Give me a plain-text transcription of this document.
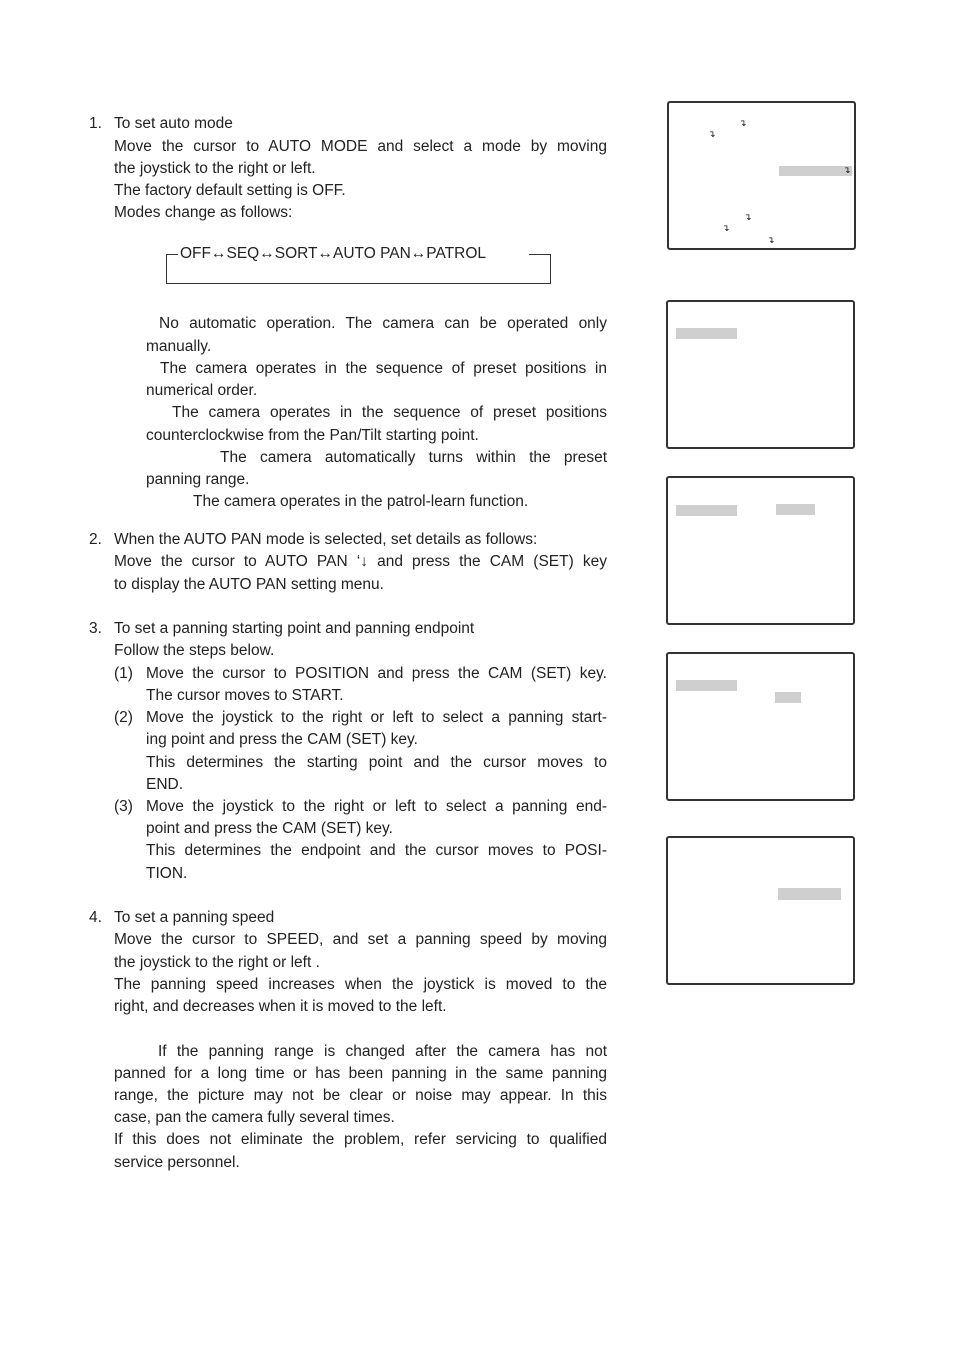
1. To set auto mode
Move the cursor to AUTO MODE and select a mode by moving
the joystick to the right or left.
The factory default setting is OFF.
Modes change as follows:
OFF↔SEQ↔SORT↔AUTO PAN↔PATROL
No automatic operation. The camera can be operated only
manually.
The camera operates in the sequence of preset positions in
numerical order.
The camera operates in the sequence of preset positions
counterclockwise from the Pan/Tilt starting point.
The camera automatically turns within the preset
panning range.
The camera operates in the patrol-learn function.
2. When the AUTO PAN mode is selected, set details as follows:
Move the cursor to AUTO PAN ‘↓ and press the CAM (SET) key
to display the AUTO PAN setting menu.
3. To set a panning starting point and panning endpoint
Follow the steps below.
(1) Move the cursor to POSITION and press the CAM (SET) key.
The cursor moves to START.
(2) Move the joystick to the right or left to select a panning start-
ing point and press the CAM (SET) key.
This determines the starting point and the cursor moves to
END.
(3) Move the joystick to the right or left to select a panning end-
point and press the CAM (SET) key.
This determines the endpoint and the cursor moves to POSI-
TION.
4. To set a panning speed
Move the cursor to SPEED, and set a panning speed by moving
the joystick to the right or left .
The panning speed increases when the joystick is moved to the
right, and decreases when it is moved to the left.
If the panning range is changed after the camera has not
panned for a long time or has been panning in the same panning
range, the picture may not be clear or noise may appear. In this
case, pan the camera fully several times.
If this does not eliminate the problem, refer servicing to qualified
service personnel.
↴
↴
↴
↴
↴
↴
